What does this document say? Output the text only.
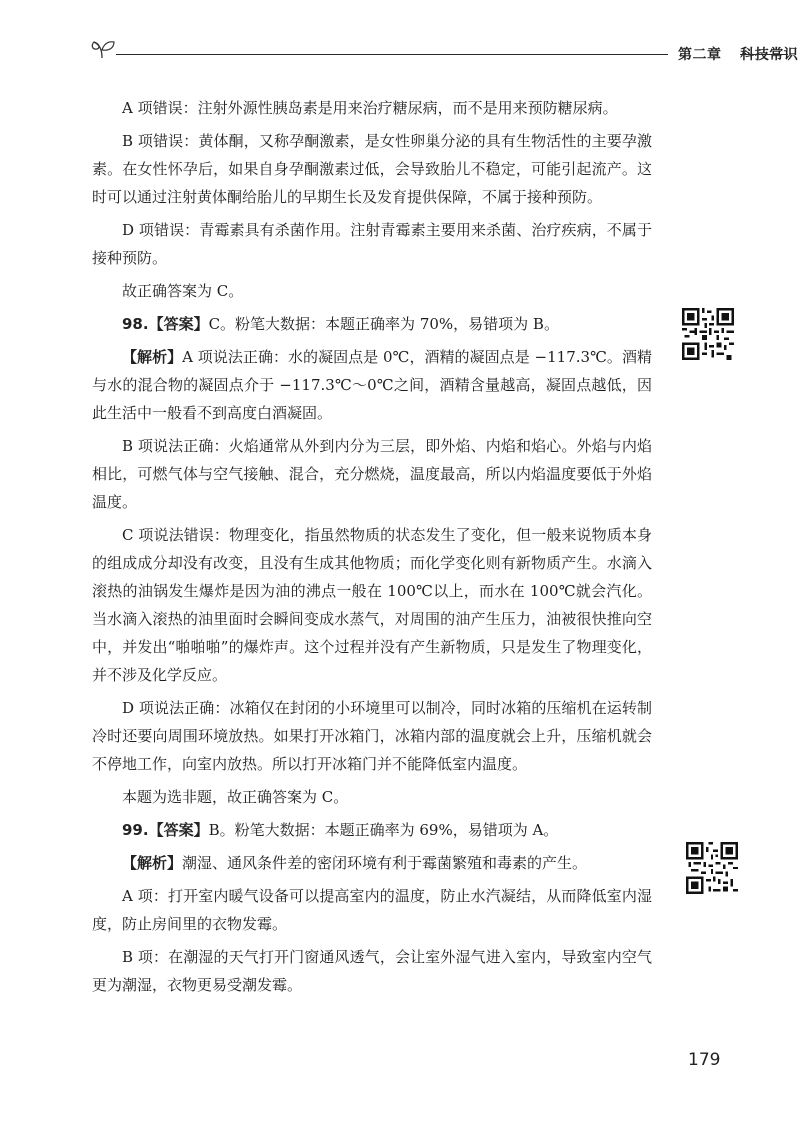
第二章 科技常识

A 项错误：注射外源性胰岛素是用来治疗糖尿病，而不是用来预防糖尿病。

B 项错误：黄体酮，又称孕酮激素，是女性卵巢分泌的具有生物活性的主要孕激素。在女性怀孕后，如果自身孕酮激素过低，会导致胎儿不稳定，可能引起流产。这时可以通过注射黄体酮给胎儿的早期生长及发育提供保障，不属于接种预防。

D 项错误：青霉素具有杀菌作用。注射青霉素主要用来杀菌、治疗疾病，不属于接种预防。

故正确答案为 C。

98.【答案】C。粉笔大数据：本题正确率为 70%，易错项为 B。

【解析】A 项说法正确：水的凝固点是 0℃，酒精的凝固点是 −117.3℃。酒精与水的混合物的凝固点介于 −117.3℃～0℃之间，酒精含量越高，凝固点越低，因此生活中一般看不到高度白酒凝固。

B 项说法正确：火焰通常从外到内分为三层，即外焰、内焰和焰心。外焰与内焰相比，可燃气体与空气接触、混合，充分燃烧，温度最高，所以内焰温度要低于外焰温度。

C 项说法错误：物理变化，指虽然物质的状态发生了变化，但一般来说物质本身的组成成分却没有改变，且没有生成其他物质；而化学变化则有新物质产生。水滴入滚热的油锅发生爆炸是因为油的沸点一般在 100℃以上，而水在 100℃就会汽化。当水滴入滚热的油里面时会瞬间变成水蒸气，对周围的油产生压力，油被很快推向空中，并发出“啪啪啪”的爆炸声。这个过程并没有产生新物质，只是发生了物理变化，并不涉及化学反应。

D 项说法正确：冰箱仅在封闭的小环境里可以制冷，同时冰箱的压缩机在运转制冷时还要向周围环境放热。如果打开冰箱门，冰箱内部的温度就会上升，压缩机就会不停地工作，向室内放热。所以打开冰箱门并不能降低室内温度。

本题为选非题，故正确答案为 C。

99.【答案】B。粉笔大数据：本题正确率为 69%，易错项为 A。

【解析】潮湿、通风条件差的密闭环境有利于霉菌繁殖和毒素的产生。

A 项：打开室内暖气设备可以提高室内的温度，防止水汽凝结，从而降低室内湿度，防止房间里的衣物发霉。

B 项：在潮湿的天气打开门窗通风透气，会让室外湿气进入室内，导致室内空气更为潮湿，衣物更易受潮发霉。

179
